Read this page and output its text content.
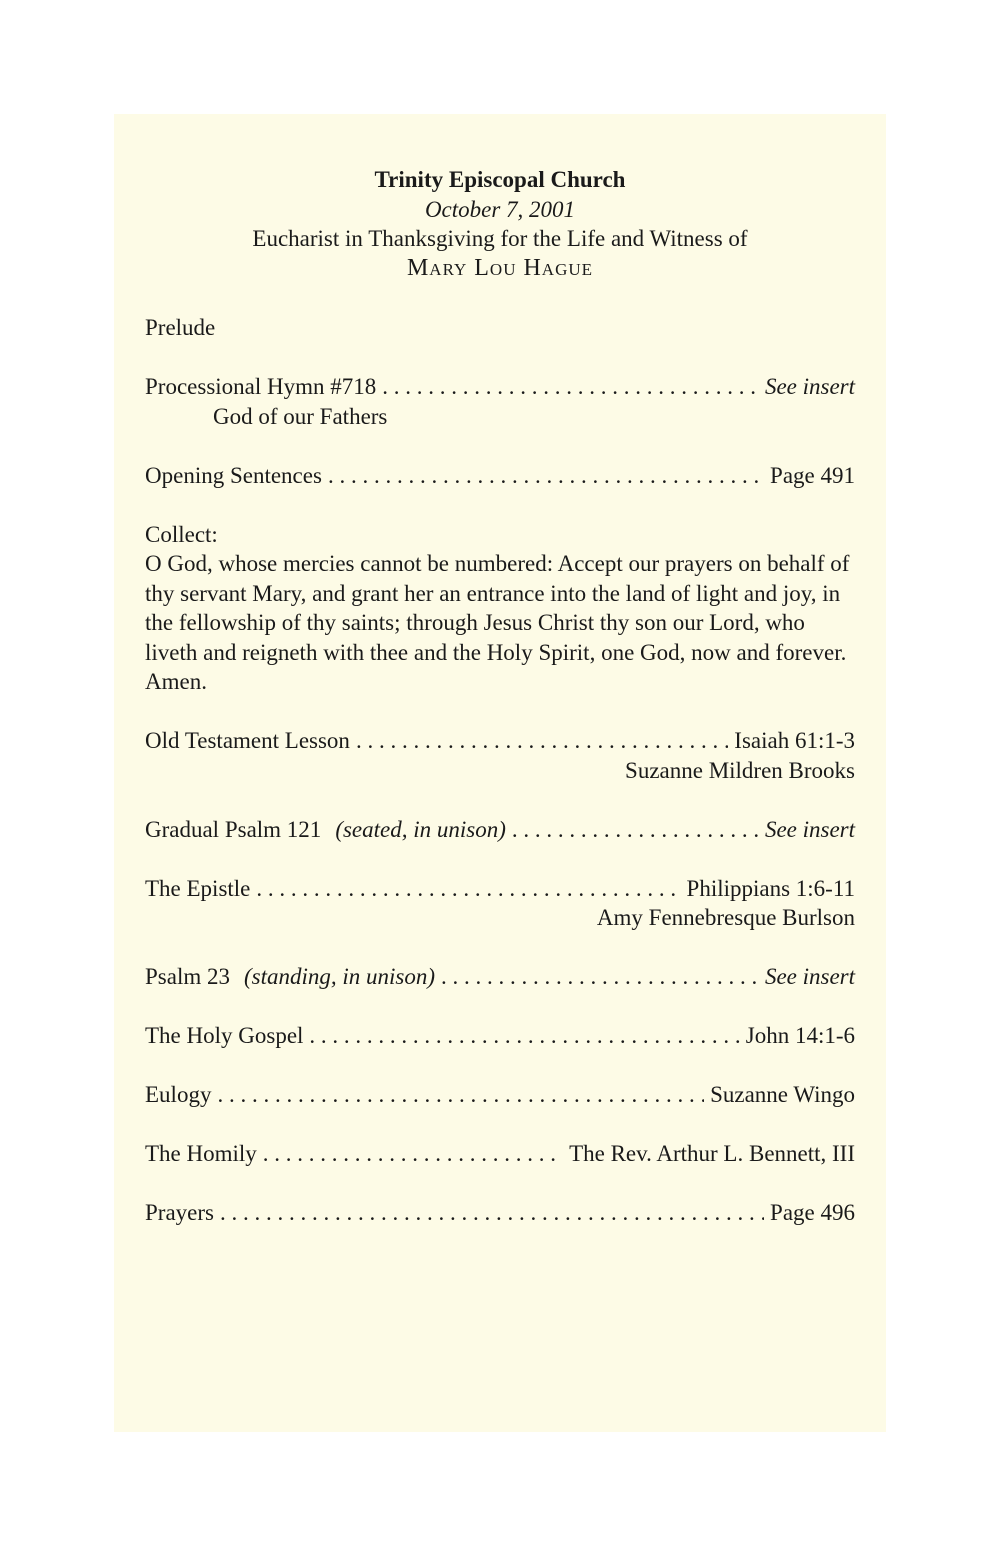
Trinity Episcopal Church
October 7, 2001
Eucharist in Thanksgiving for the Life and Witness of
Mary Lou Hague
Prelude
Processional Hymn #718 . . .	See insert
God of our Fathers
Opening Sentences . . .	Page 491
Collect:
O God, whose mercies cannot be numbered: Accept our prayers on behalf of thy servant Mary, and grant her an entrance into the land of light and joy, in the fellowship of thy saints; through Jesus Christ thy son our Lord, who liveth and reigneth with thee and the Holy Spirit, one God, now and forever. Amen.
Old Testament Lesson . . .	Isaiah 61:1-3
Suzanne Mildren Brooks
Gradual Psalm 121 (seated, in unison) . . .	See insert
The Epistle . . .	Philippians 1:6-11
Amy Fennebresque Burlson
Psalm 23 (standing, in unison) . . .	See insert
The Holy Gospel . . .	John 14:1-6
Eulogy . . .	Suzanne Wingo
The Homily . . .	The Rev. Arthur L. Bennett, III
Prayers . . .	Page 496
